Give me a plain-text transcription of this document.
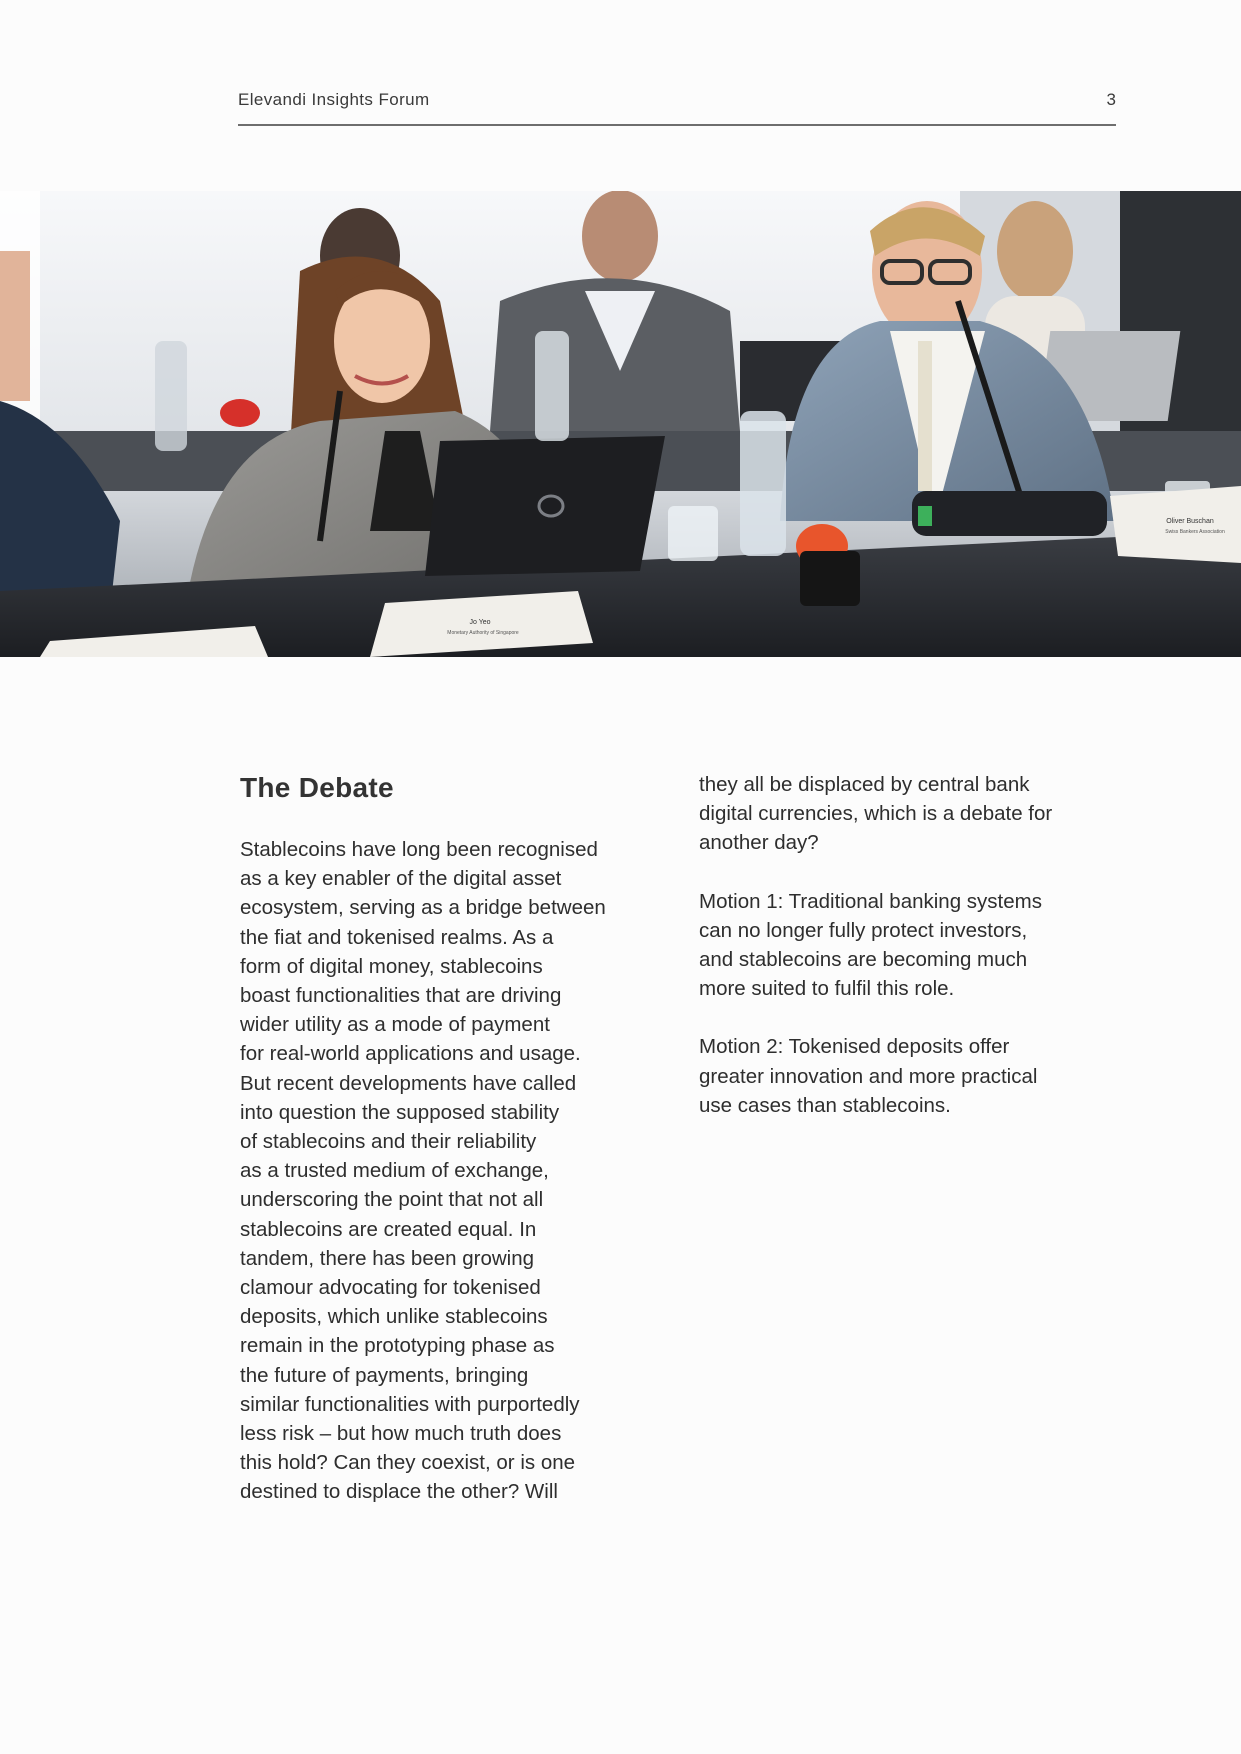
Elevandi Insights Forum	3
Jo Yeo
Monetary Authority of Singapore
Oliver Buschan
Swiss Bankers Association
The Debate
Stablecoins have long been recognised
as a key enabler of the digital asset
ecosystem, serving as a bridge between
the fiat and tokenised realms. As a
form of digital money, stablecoins
boast functionalities that are driving
wider utility as a mode of payment
for real-world applications and usage.
But recent developments have called
into question the supposed stability
of stablecoins and their reliability
as a trusted medium of exchange,
underscoring the point that not all
stablecoins are created equal. In
tandem, there has been growing
clamour advocating for tokenised
deposits, which unlike stablecoins
remain in the prototyping phase as
the future of payments, bringing
similar functionalities with purportedly
less risk – but how much truth does
this hold? Can they coexist, or is one
destined to displace the other? Will
they all be displaced by central bank
digital currencies, which is a debate for
another day?
Motion 1: Traditional banking systems
can no longer fully protect investors,
and stablecoins are becoming much
more suited to fulfil this role.
Motion 2: Tokenised deposits offer
greater innovation and more practical
use cases than stablecoins.
